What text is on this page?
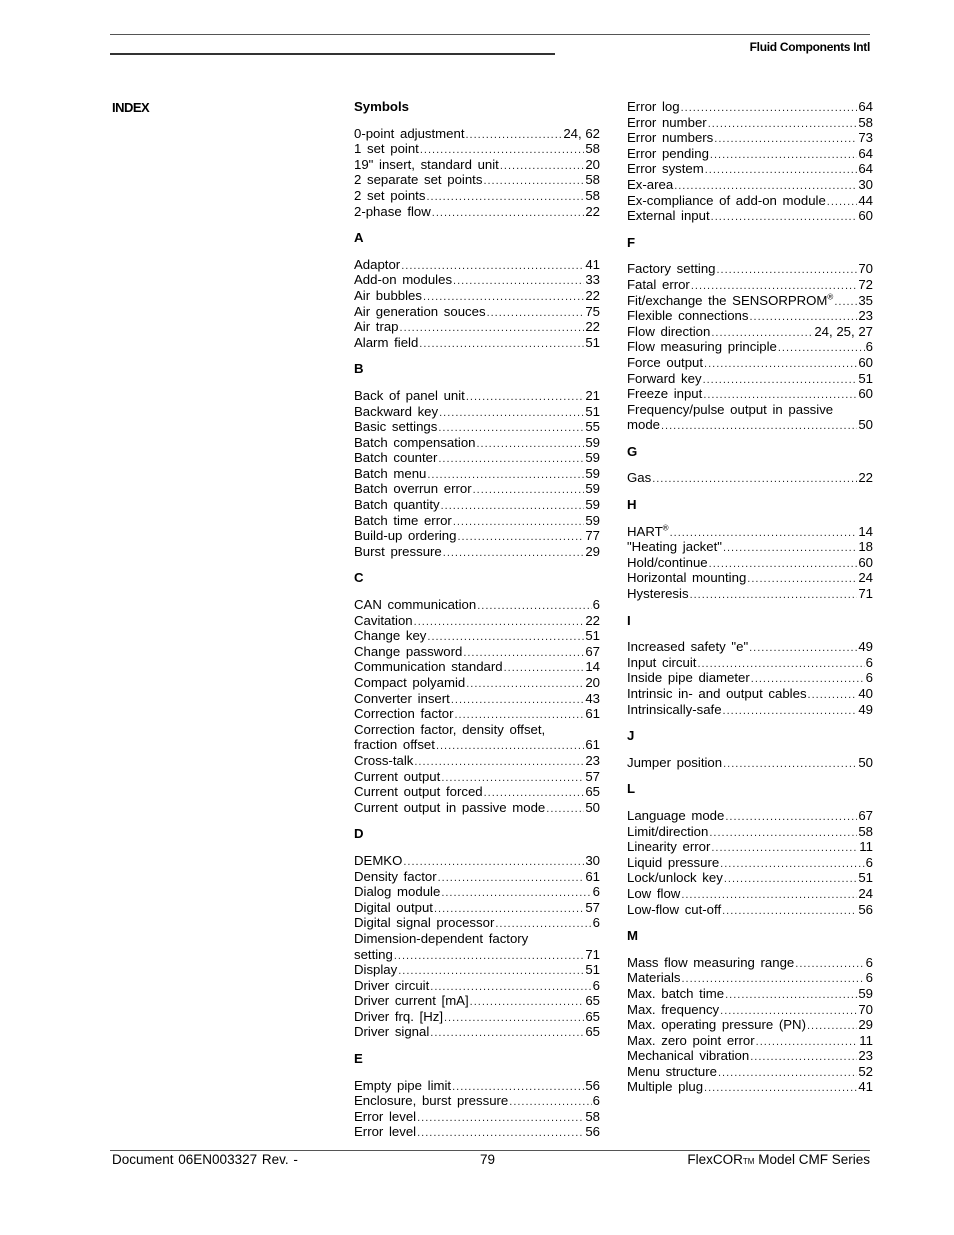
Fluid Components Intl
INDEX	Symbols
0-point adjustment .....	24, 62
1 set point .....	58
19" insert, standard unit .....	20
2 separate set points .....	58
2 set points .....	58
2-phase flow .....	22
A
Adaptor .....	41
Add-on modules .....	33
Air bubbles .....	22
Air generation souces .....	75
Air trap .....	22
Alarm field .....	51
B
Back of panel unit .....	21
Backward key .....	51
Basic settings .....	55
Batch compensation .....	59
Batch counter .....	59
Batch menu .....	59
Batch overrun error .....	59
Batch quantity .....	59
Batch time error .....	59
Build-up ordering .....	77
Burst pressure .....	29
C
CAN communication .....	6
Cavitation .....	22
Change key .....	51
Change password .....	67
Communication standard .....	14
Compact polyamid .....	20
Converter insert .....	43
Correction factor .....	61
Correction factor, density offset,
fraction offset .....	61
Cross-talk .....	23
Current output .....	57
Current output forced .....	65
Current output in passive mode .....	50
D
DEMKO .....	30
Density factor .....	61
Dialog module .....	6
Digital output .....	57
Digital signal processor .....	6
Dimension-dependent factory
setting .....	71
Display .....	51
Driver circuit .....	6
Driver current [mA] .....	65
Driver frq. [Hz] .....	65
Driver signal .....	65
E
Empty pipe limit .....	56
Enclosure, burst pressure .....	6
Error level .....	58
Error level .....	56
Error log .....	64
Error number .....	58
Error numbers .....	73
Error pending .....	64
Error system .....	64
Ex-area .....	30
Ex-compliance of add-on module ..... 44
External input .....	60
F
Factory setting .....	70
Fatal error .....	72
Fit/exchange the SENSORPROM® ..... 35
Flexible connections .....	23
Flow direction .....	24, 25, 27
Flow measuring principle .....	6
Force output .....	60
Forward key .....	51
Freeze input .....	60
Frequency/pulse output in passive
mode .....	50
G
Gas .....	22
H
HART® .....	14
"Heating jacket" .....	18
Hold/continue .....	60
Horizontal mounting .....	24
Hysteresis .....	71
I
Increased safety "e" .....	49
Input circuit .....	6
Inside pipe diameter .....	6
Intrinsic in- and output cables .....	40
Intrinsically-safe .....	49
J
Jumper position .....	50
L
Language mode .....	67
Limit/direction .....	58
Linearity error .....	11
Liquid pressure .....	6
Lock/unlock key .....	51
Low flow .....	24
Low-flow cut-off .....	56
M
Mass flow measuring range .....	6
Materials .....	6
Max. batch time .....	59
Max. frequency .....	70
Max. operating pressure (PN) .....	29
Max. zero point error .....	11
Mechanical vibration .....	23
Menu structure .....	52
Multiple plug .....	41
Document 06EN003327 Rev. -	79	FlexCORTM Model CMF Series
